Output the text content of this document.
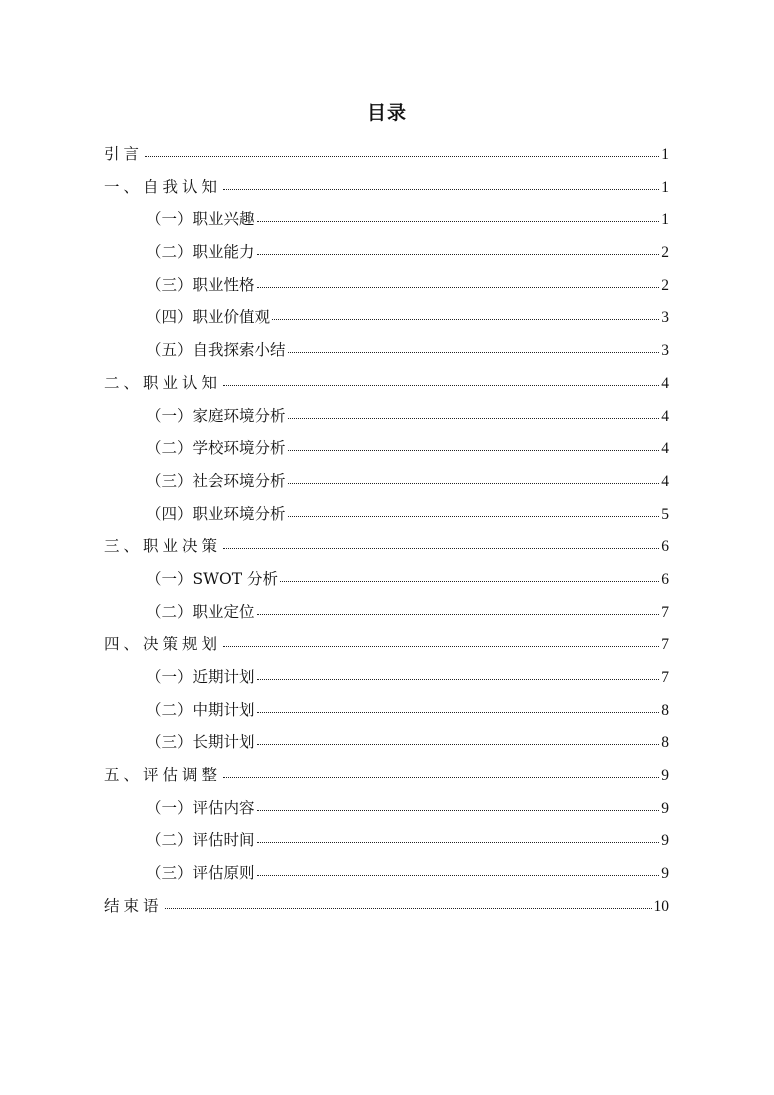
目录
引言	1
一、自我认知	1
（一）职业兴趣	1
（二）职业能力	2
（三）职业性格	2
（四）职业价值观	3
（五）自我探索小结	3
二、职业认知	4
（一）家庭环境分析	4
（二）学校环境分析	4
（三）社会环境分析	4
（四）职业环境分析	5
三、职业决策	6
（一）SWOT 分析	6
（二）职业定位	7
四、决策规划	7
（一）近期计划	7
（二）中期计划	8
（三）长期计划	8
五、评估调整	9
（一）评估内容	9
（二）评估时间	9
（三）评估原则	9
结束语	10
